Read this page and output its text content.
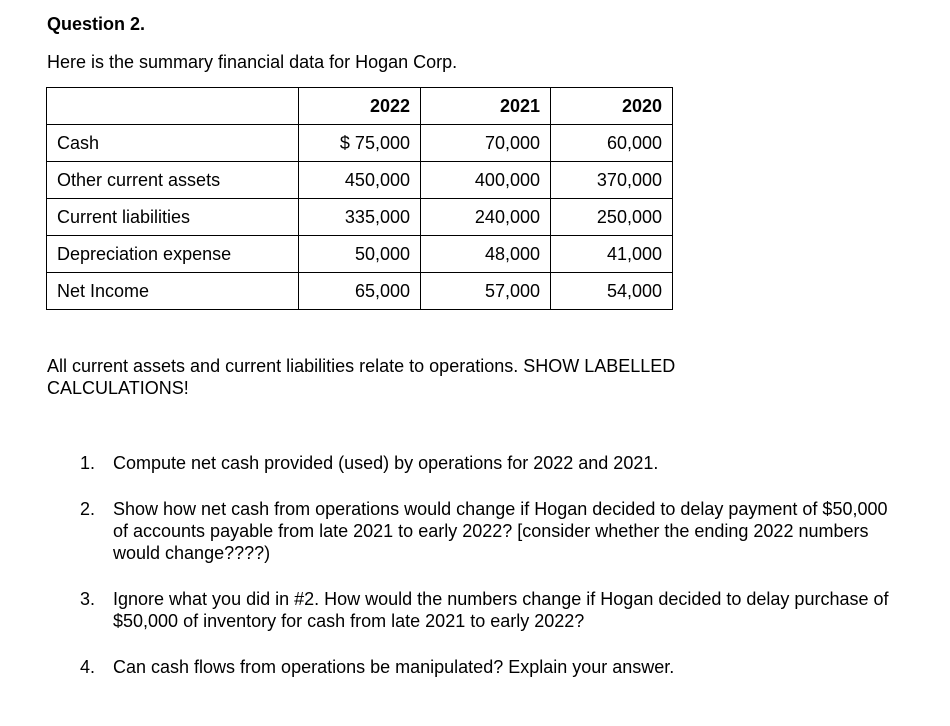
Question 2.

Here is the summary financial data for Hogan Corp.

	2022	2021	2020
Cash	$ 75,000	70,000	60,000
Other current assets	450,000	400,000	370,000
Current liabilities	335,000	240,000	250,000
Depreciation expense	50,000	48,000	41,000
Net Income	65,000	57,000	54,000

All current assets and current liabilities relate to operations. SHOW LABELLED CALCULATIONS!

1. Compute net cash provided (used) by operations for 2022 and 2021.
2. Show how net cash from operations would change if Hogan decided to delay payment of $50,000 of accounts payable from late 2021 to early 2022? [consider whether the ending 2022 numbers would change????)
3. Ignore what you did in #2. How would the numbers change if Hogan decided to delay purchase of $50,000 of inventory for cash from late 2021 to early 2022?
4. Can cash flows from operations be manipulated? Explain your answer.
